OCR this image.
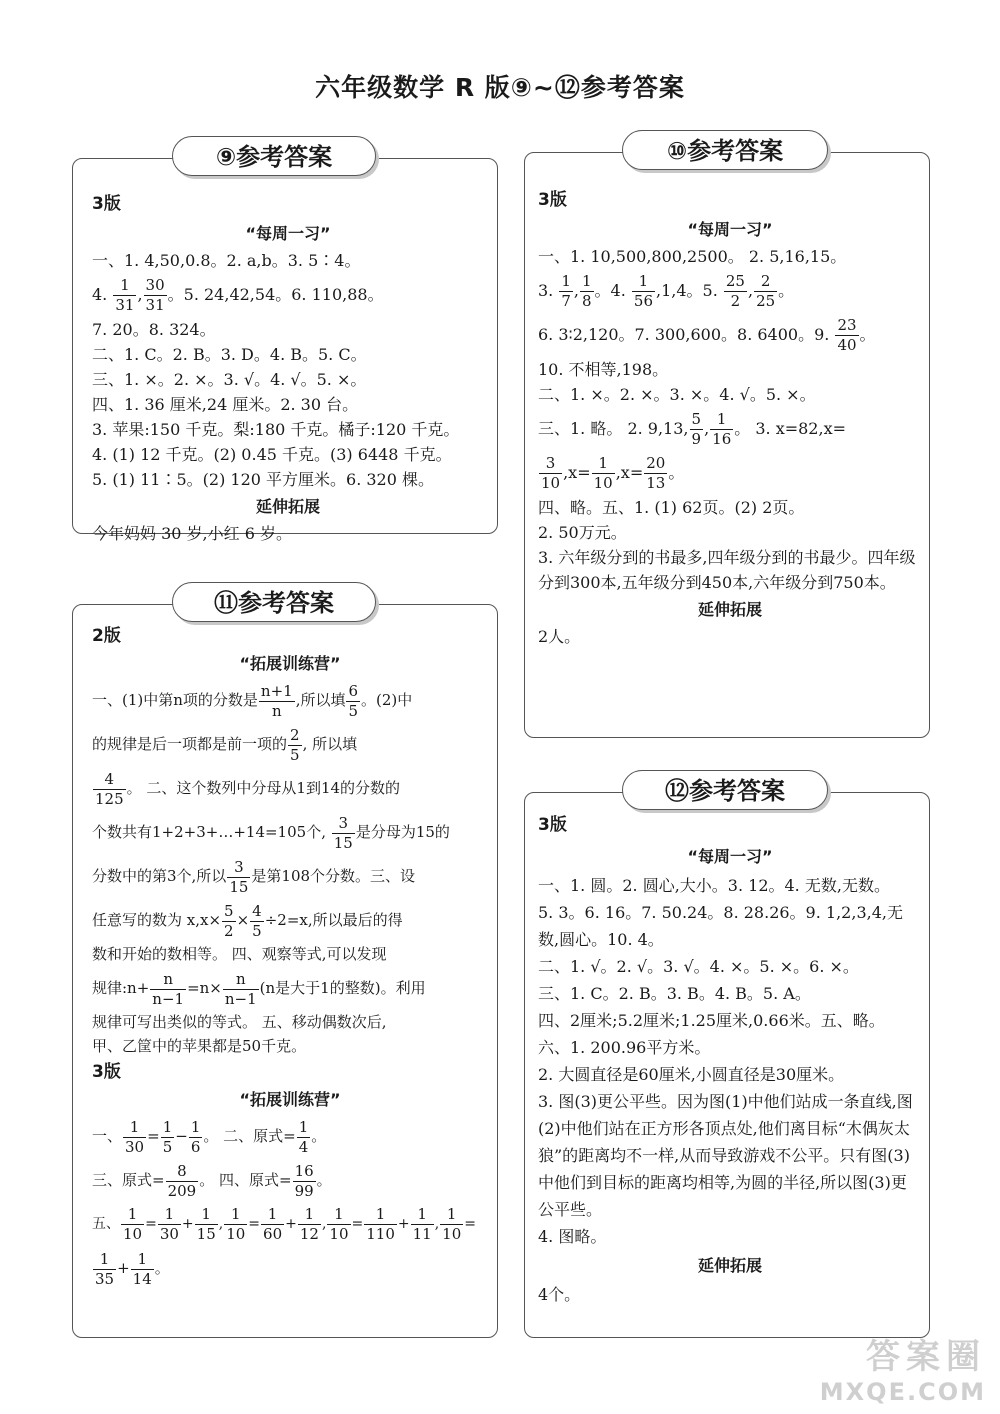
六年级数学 R 版⑨~⑫参考答案
⑨参考答案
3版
“每周一习”
一、1. 4,50,0.8。2. a,b。3. 5∶4。
4. $\frac{1}{31}$ , $\frac{30}{31}$ 。5. 24,42,54。6. 110,88。
7. 20。8. 324。
二、1. C。2. B。3. D。4. B。5. C。
三、1. ×。2. ×。3. √。4. √。5. ×。
四、1. 36 厘米,24 厘米。2. 30 台。
3. 苹果:150 千克。梨:180 千克。橘子:120 千克。
4. (1) 12 千克。(2) 0.45 千克。(3) 6448 千克。
5. (1) 11∶5。(2) 120 平方厘米。6. 320 棵。
延伸拓展
今年妈妈 30 岁,小红 6 岁。
⑩参考答案
3版
“每周一习”
一、1. 10,500,800,2500。 2. 5,16,15。
3. $\frac{1}{7}$ , $\frac{1}{8}$ 。4. $\frac{1}{56} ,1,4$。5. $\frac{25}{2}$ , $\frac{2}{25}$ 。
6. 3∶2,120。7. 300,600。8. 6400。9. $\frac{23}{40}$ 。
10. 不相等,198。
二、1. ×。2. ×。3. ×。4. √。5. ×。
三、1. 略。 2. 9,13, $\frac{5}{9}$ , $\frac{1}{16}$ 。 3. x=82,x=
$\frac{3}{10} ,x= \frac{1}{10} ,x= \frac{20}{13}$ 。
四、略。五、1. (1) 62页。(2) 2页。
2. 50万元。
3. 六年级分到的书最多,四年级分到的书最少。四年级分到300本,五年级分到450本,六年级分到750本。
延伸拓展
2人。
⑪参考答案
2版
“拓展训练营”
一、(1)中第n项的分数是 $\frac{n+1}{n}$ ,所以填 $\frac{6}{5}$ 。(2)中
的规律是后一项都是前一项的 $\frac{2}{5}$ , 所以填
$\frac{4}{125}$ 。 二、这个数列中分母从1到14的分数的
个数共有1+2+3+…+14=105个, $\frac{3}{15}$ 是分母为15的
分数中的第3个,所以 $\frac{3}{15}$ 是第108个分数。三、设
任意写的数为 $x,x\times \frac{5}{2} \times \frac{4}{5} \div 2=x$,所以最后的得
数和开始的数相等。 四、观察等式,可以发现
规律:n+ $\frac{n}{n-1} =n\times \frac{n}{n-1} (n$是大于1的整数)。利用
规律可写出类似的等式。 五、移动偶数次后,
甲、乙筐中的苹果都是50千克。
3版
“拓展训练营”
一、 $\frac{1}{30} = \frac{1}{5} - \frac{1}{6}$ 。 二、原式= $\frac{1}{4}$ 。
三、原式= $\frac{8}{209}$ 。 四、原式= $\frac{16}{99}$ 。
五、 $\frac{1}{10} = \frac{1}{30} + \frac{1}{15}$ , $\frac{1}{10} = \frac{1}{60} + \frac{1}{12}$ , $\frac{1}{10} = \frac{1}{110} + \frac{1}{11}$ , $\frac{1}{10}$ =
$\frac{1}{35} + \frac{1}{14}$ 。
⑫参考答案
3版
“每周一习”
一、1. 圆。2. 圆心,大小。3. 12。4. 无数,无数。
5. 3。6. 16。7. 50.24。8. 28.26。9. 1,2,3,4,无数,圆心。10. 4。
二、1. √。2. √。3. √。4. ×。5. ×。6. ×。
三、1. C。2. B。3. B。4. B。5. A。
四、2厘米;5.2厘米;1.25厘米,0.66米。五、略。
六、1. 200.96平方米。
2. 大圆直径是60厘米,小圆直径是30厘米。
3. 图(3)更公平些。因为图(1)中他们站成一条直线,图(2)中他们站在正方形各顶点处,他们离目标“木偶灰太狼”的距离均不一样,从而导致游戏不公平。只有图(3)中他们到目标的距离均相等,为圆的半径,所以图(3)更公平些。
4. 图略。
延伸拓展
4个。
答案圈
MXQE.COM
